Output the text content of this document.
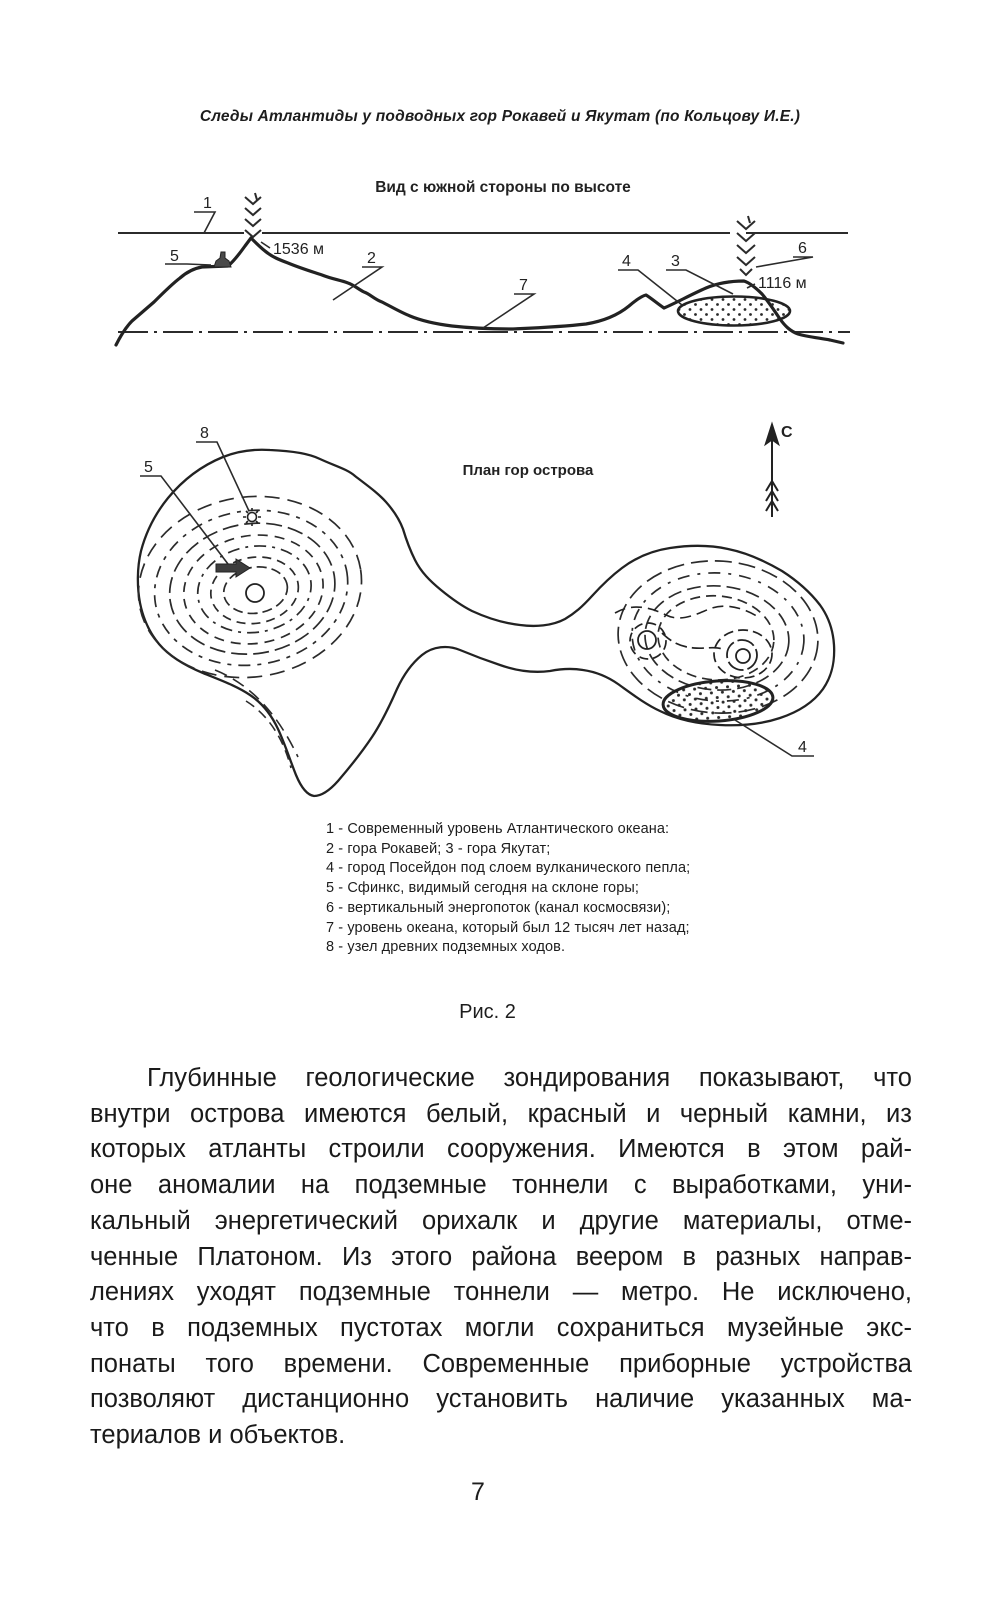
Следы Атлантиды у подводных гор Рокавей и Якутат (по Кольцову И.Е.)
Вид с южной стороны по высоте
1
5	1536 м
2
7
4	3
6
1116 м
План гор острова
С
8
5
4
1 - Современный уровень Атлантического океана:
2 - гора Рокавей; 3 - гора Якутат;
4 - город Посейдон под слоем вулканического пепла;
5 - Сфинкс, видимый сегодня на склоне горы;
6 - вертикальный энергопоток (канал космосвязи);
7 - уровень океана, который был 12 тысяч лет назад;
8 - узел древних подземных ходов.
Рис. 2
Глубинные геологические зондирования показывают, что
внутри острова имеются белый, красный и черный камни, из
которых атланты строили сооружения. Имеются в этом рай-
оне аномалии на подземные тоннели с выработками, уни-
кальный энергетический орихалк и другие материалы, отме-
ченные Платоном. Из этого района веером в разных направ-
лениях уходят подземные тоннели — метро. Не исключено,
что в подземных пустотах могли сохраниться музейные экс-
понаты того времени. Современные приборные устройства
позволяют дистанционно установить наличие указанных ма-
териалов и объектов.
7
